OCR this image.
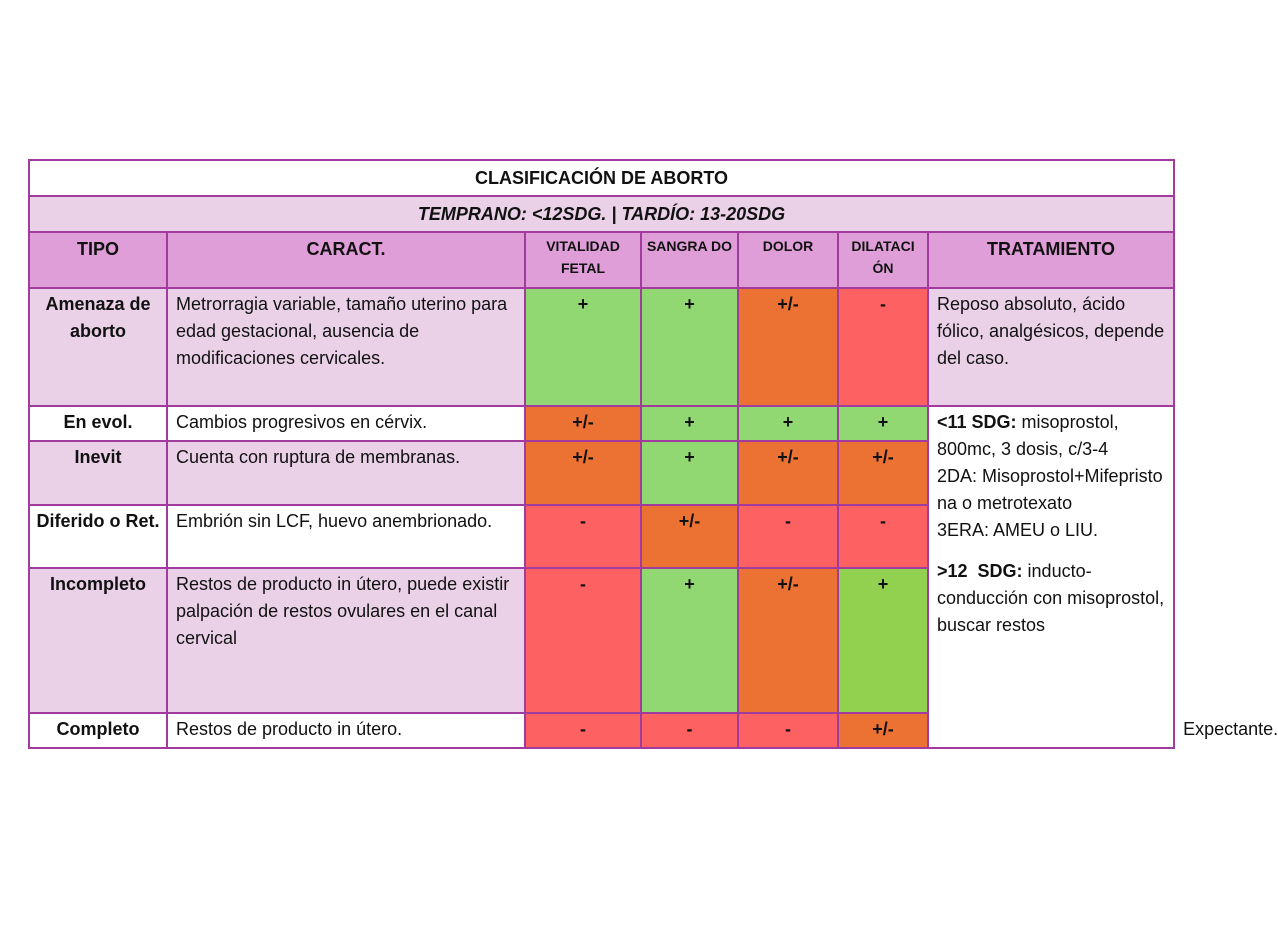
CLASIFICACIÓN DE ABORTO							
TEMPRANO: <12SDG. | TARDÍO: 13-20SDG							
TIPO	CARACT.	VITALIDAD FETAL	SANGRA DO	DOLOR	DILATACI ÓN	TRATAMIENTO	
Amenaza de aborto	Metrorragia variable, tamaño uterino para edad gestacional, ausencia de modificaciones cervicales.	+	+	+/-	-	Reposo absoluto, ácido fólico, analgésicos, depende del caso.	
En evol.	Cambios progresivos en cérvix.	+/-	+	+	+	<11 SDG: misoprostol, 800mc, 3 dosis, c/3-4
2DA: Misoprostol+Mifepristona o metrotexato
3ERA: AMEU o LIU.
>12  SDG: inducto-conducción con misoprostol, buscar restos	

Inevit	Cuenta con ruptura de membranas.	+/-	+	+/-	+/-		
Diferido o Ret.	Embrión sin LCF, huevo anembrionado.	-	+/-	-	-		
Incompleto	Restos de producto in útero, puede existir palpación de restos ovulares en el canal cervical	-	+	+/-	+		
Completo	Restos de producto in útero.	-	-	-	+/-		Expectante.
